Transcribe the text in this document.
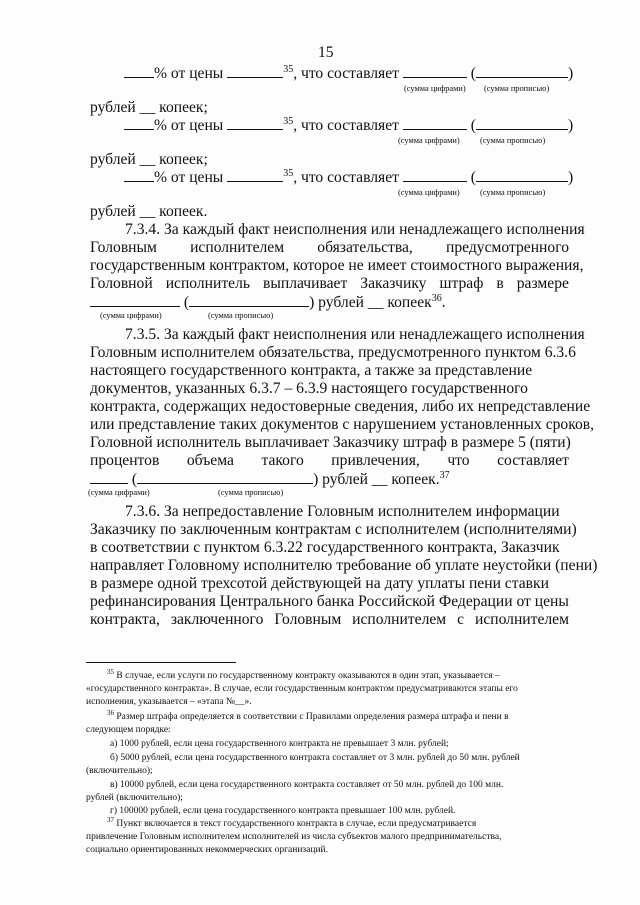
15
% от цены	$^{35}$, что составляет	(	)
(сумма цифрами) (сумма прописью)
рублей __ копеек;
% от цены	$^{35}$, что составляет	(	)
(сумма цифрами) (сумма прописью)
рублей __ копеек;
% от цены	$^{35}$, что составляет	(	)
(сумма цифрами) (сумма прописью)
рублей __ копеек.
7.3.4. За каждый факт неисполнения или ненадлежащего исполнения
Головным исполнителем обязательства, предусмотренного
государственным контрактом, которое не имеет стоимостного выражения,
Головной исполнитель выплачивает Заказчику штраф в размере
(	) рублей __ копеек$^{36}$.
(сумма цифрами)	(сумма прописью)
7.3.5. За каждый факт неисполнения или ненадлежащего исполнения
Головным исполнителем обязательства, предусмотренного пунктом 6.3.6
настоящего государственного контракта, а также за представление
документов, указанных 6.3.7 – 6.3.9 настоящего государственного
контракта, содержащих недостоверные сведения, либо их непредставление
или представление таких документов с нарушением установленных сроков,
Головной исполнитель выплачивает Заказчику штраф в размере 5 (пяти)
процентов объема такого привлечения, что составляет
(	) рублей __ копеек.$^{37}$
(сумма цифрами)	(сумма прописью)
7.3.6. За непредоставление Головным исполнителем информации
Заказчику по заключенным контрактам с исполнителем (исполнителями)
в соответствии с пунктом 6.3.22 государственного контракта, Заказчик
направляет Головному исполнителю требование об уплате неустойки (пени)
в размере одной трехсотой действующей на дату уплаты пени ставки
рефинансирования Центрального банка Российской Федерации от цены
контракта, заключенного Головным исполнителем с исполнителем
$^{35}$ В случае, если услуги по государственному контракту оказываются в один этап, указывается –
«государственного контракта». В случае, если государственным контрактом предусматриваются этапы его
исполнения, указывается – «этапа №__».
$^{36}$ Размер штрафа определяется в соответствии с Правилами определения размера штрафа и пени в
следующем порядке:
а) 1000 рублей, если цена государственного контракта не превышает 3 млн. рублей;
б) 5000 рублей, если цена государственного контракта составляет от 3 млн. рублей до 50 млн. рублей
(включительно);
в) 10000 рублей, если цена государственного контракта составляет от 50 млн. рублей до 100 млн.
рублей (включительно);
г) 100000 рублей, если цена государственного контракта превышает 100 млн. рублей.
$^{37}$ Пункт включается в текст государственного контракта в случае, если предусматривается
привлечение Головным исполнителем исполнителей из числа субъектов малого предпринимательства,
социально ориентированных некоммерческих организаций.
